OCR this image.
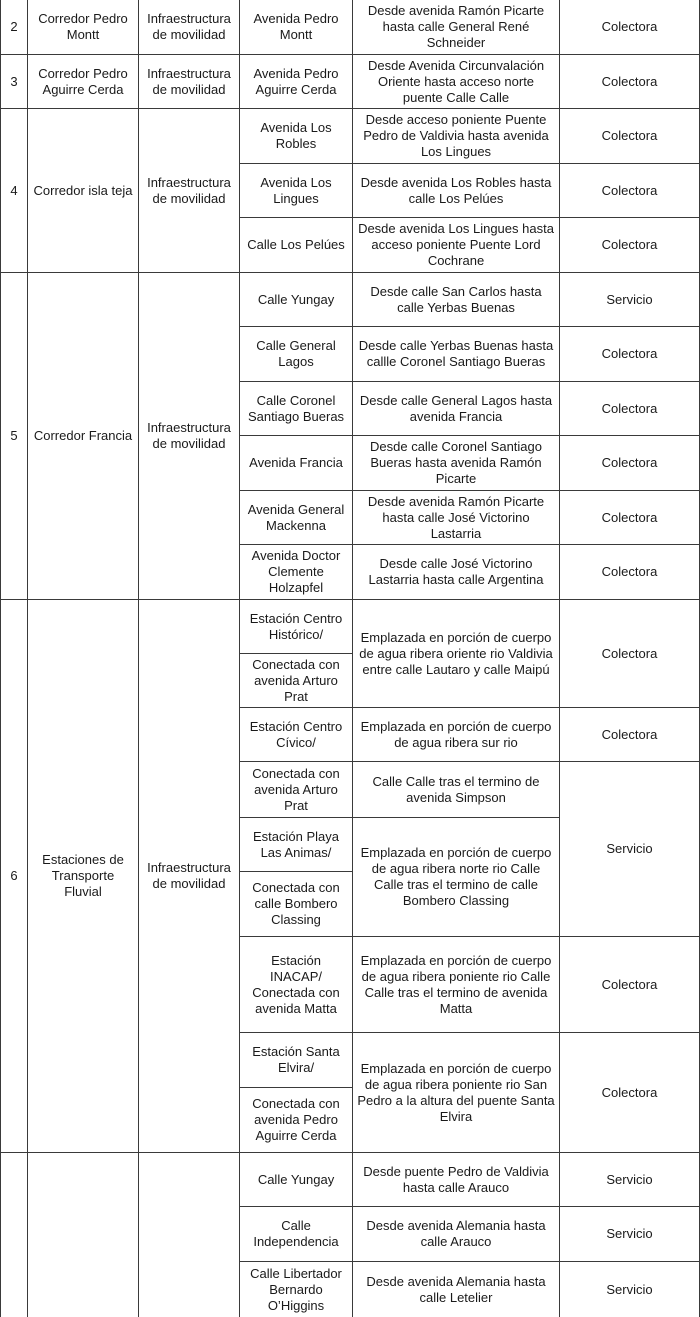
2
Corredor Pedro Montt
Infraestructura de movilidad
Avenida Pedro Montt
Desde avenida Ramón Picarte hasta calle General René Schneider
Colectora
3
Corredor Pedro Aguirre Cerda
Infraestructura de movilidad
Avenida Pedro Aguirre Cerda
Desde Avenida Circunvalación Oriente hasta acceso norte puente Calle Calle
Colectora
4 Corredor isla teja
Infraestructura de movilidad
5 Corredor Francia
Infraestructura de movilidad
6
Estaciones de Transporte Fluvial
Infraestructura de movilidad
Estación Centro Histórico/
Conectada con avenida Arturo Prat
Estación Centro Cívico/
Conectada con avenida Arturo Prat
Estación Playa Las Animas/
Conectada con calle Bombero Classing
Estación INACAP/ Conectada con avenida Matta
Estación Santa Elvira/
Conectada con avenida Pedro Aguirre Cerda
Emplazada en porción de cuerpo de agua ribera oriente rio Valdivia entre calle Lautaro y calle Maipú
Emplazada en porción de cuerpo de agua ribera sur rio
Calle Calle tras el termino de avenida Simpson
Emplazada en porción de cuerpo de agua ribera norte rio Calle Calle tras el termino de calle Bombero Classing
Emplazada en porción de cuerpo de agua ribera poniente rio Calle Calle tras el termino de avenida Matta
Emplazada en porción de cuerpo de agua ribera poniente rio San Pedro a la altura del puente Santa Elvira
Colectora
Colectora
Servicio
Colectora
Colectora
Avenida Los Robles
Desde acceso poniente Puente Pedro de Valdivia hasta avenida Los Lingues
Colectora
Avenida Los Lingues
Desde avenida Los Robles hasta calle Los Pelúes
Colectora
Calle Los Pelúes
Desde avenida Los Lingues hasta acceso poniente Puente Lord Cochrane
Colectora
Calle Yungay
Desde calle San Carlos hasta calle Yerbas Buenas
Servicio
Calle General Lagos
Desde calle Yerbas Buenas hasta callle Coronel Santiago Bueras
Colectora
Calle Coronel Santiago Bueras
Desde calle General Lagos hasta avenida Francia
Colectora
Avenida Francia
Desde calle Coronel Santiago Bueras hasta avenida Ramón Picarte
Colectora
Avenida General Mackenna
Desde avenida Ramón Picarte hasta calle José Victorino Lastarria
Colectora
Avenida Doctor Clemente Holzapfel
Desde calle José Victorino Lastarria hasta calle Argentina
Colectora
Calle Yungay
Desde puente Pedro de Valdivia hasta calle Arauco
Servicio
Calle Independencia
Desde avenida Alemania hasta calle Arauco
Servicio
Calle Libertador Bernardo O’Higgins
Desde avenida Alemania hasta calle Letelier
Servicio
